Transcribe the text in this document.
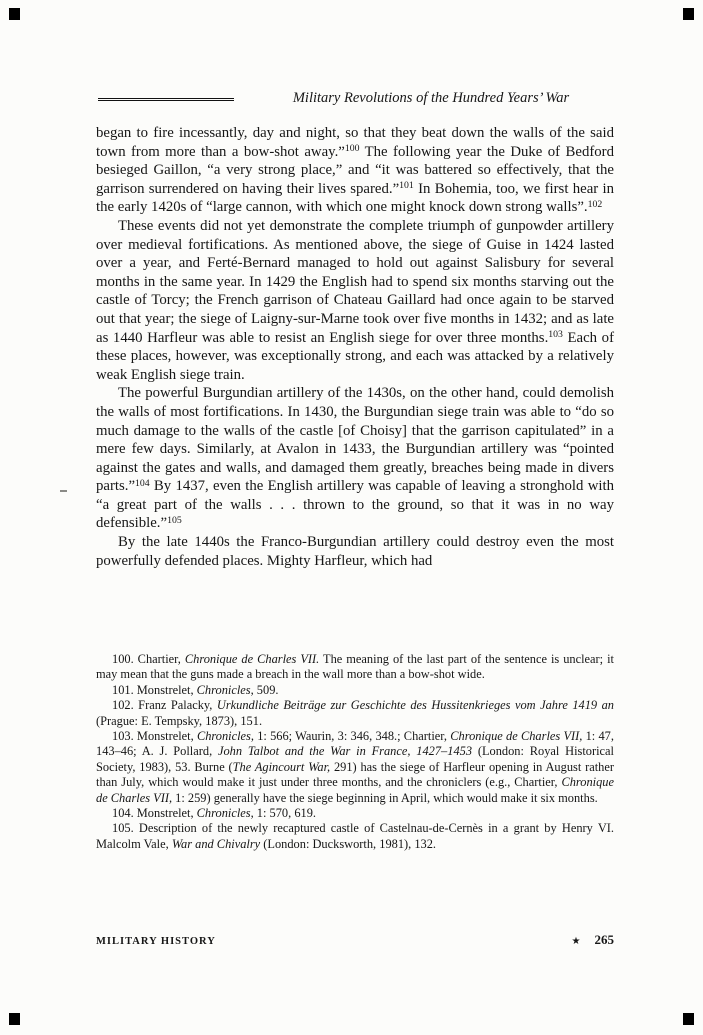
Military Revolutions of the Hundred Years’ War

began to fire incessantly, day and night, so that they beat down the walls of the said town from more than a bow-shot away.”$^{100}$ The following year the Duke of Bedford besieged Gaillon, “a very strong place,” and “it was battered so effectively, that the garrison surrendered on having their lives spared.”$^{101}$ In Bohemia, too, we first hear in the early 1420s of “large cannon, with which one might knock down strong walls”.$^{102}$

These events did not yet demonstrate the complete triumph of gunpowder artillery over medieval fortifications. As mentioned above, the siege of Guise in 1424 lasted over a year, and Ferté-Bernard managed to hold out against Salisbury for several months in the same year. In 1429 the English had to spend six months starving out the castle of Torcy; the French garrison of Chateau Gaillard had once again to be starved out that year; the siege of Laigny-sur-Marne took over five months in 1432; and as late as 1440 Harfleur was able to resist an English siege for over three months.$^{103}$ Each of these places, however, was exceptionally strong, and each was attacked by a relatively weak English siege train.

The powerful Burgundian artillery of the 1430s, on the other hand, could demolish the walls of most fortifications. In 1430, the Burgundian siege train was able to “do so much damage to the walls of the castle [of Choisy] that the garrison capitulated” in a mere few days. Similarly, at Avalon in 1433, the Burgundian artillery was “pointed against the gates and walls, and damaged them greatly, breaches being made in divers parts.”$^{104}$ By 1437, even the English artillery was capable of leaving a stronghold with “a great part of the walls . . . thrown to the ground, so that it was in no way defensible.”$^{105}$

By the late 1440s the Franco-Burgundian artillery could destroy even the most powerfully defended places. Mighty Harfleur, which had

100. Chartier, Chronique de Charles VII. The meaning of the last part of the sentence is unclear; it may mean that the guns made a breach in the wall more than a bow-shot wide.

101. Monstrelet, Chronicles, 509.

102. Franz Palacky, Urkundliche Beiträge zur Geschichte des Hussitenkrieges vom Jahre 1419 an (Prague: E. Tempsky, 1873), 151.

103. Monstrelet, Chronicles, 1: 566; Waurin, 3: 346, 348.; Chartier, Chronique de Charles VII, 1: 47, 143–46; A. J. Pollard, John Talbot and the War in France, 1427–1453 (London: Royal Historical Society, 1983), 53. Burne (The Agincourt War, 291) has the siege of Harfleur opening in August rather than July, which would make it just under three months, and the chroniclers (e.g., Chartier, Chronique de Charles VII, 1: 259) generally have the siege beginning in April, which would make it six months.

104. Monstrelet, Chronicles, 1: 570, 619.

105. Description of the newly recaptured castle of Castelnau-de-Cernès in a grant by Henry VI. Malcolm Vale, War and Chivalry (London: Ducksworth, 1981), 132.

MILITARY HISTORY	★ 265
